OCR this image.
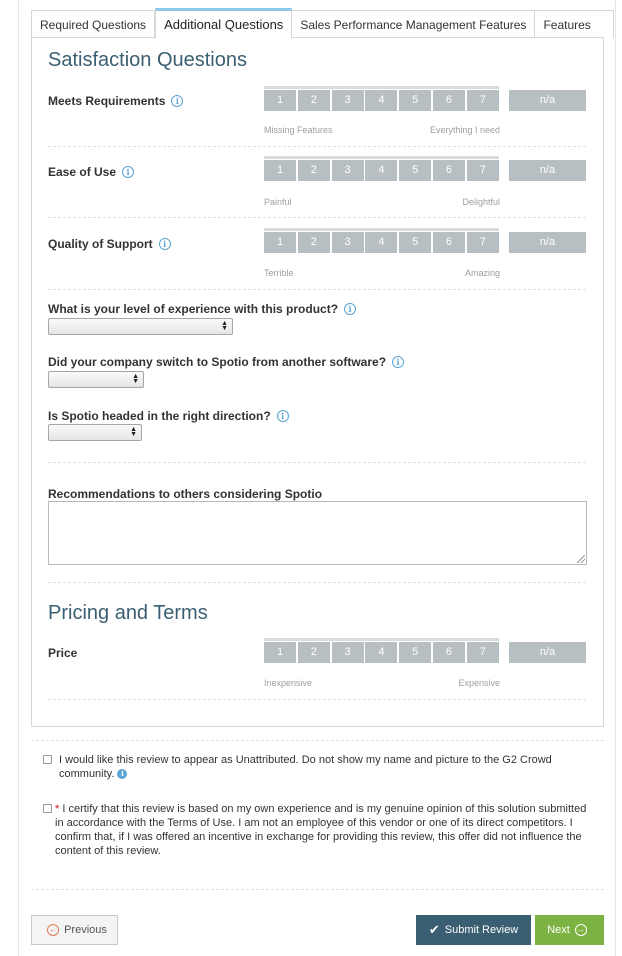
Required Questions	Additional Questions	Sales Performance Management Features	Features
Satisfaction Questions
Meets Requirements	i	1	2	3	4	5	6	7	n/a
Missing Features	Everything I need
Ease of Use	i	1	2	3	4	5	6	7	n/a
Painful	Delightful
Quality of Support	i	1	2	3	4	5	6	7	n/a
Terrible	Amazing
What is your level of experience with this product?	i
▲
▼
Did your company switch to Spotio from another software?	i
▲
▼
Is Spotio headed in the right direction?	i
▲
▼
Recommendations to others considering Spotio
Pricing and Terms
Price	1	2	3	4	5	6	7	n/a
Inexpensive	Expensive
I would like this review to appear as Unattributed. Do not show my name and picture to the G2 Crowd community. i
* I certify that this review is based on my own experience and is my genuine opinion of this solution submitted in accordance with the Terms of Use. I am not an employee of this vendor or one of its direct competitors. I confirm that, if I was offered an incentive in exchange for providing this review, this offer did not influence the content of this review.
← Previous	✔ Submit Review	Next →
